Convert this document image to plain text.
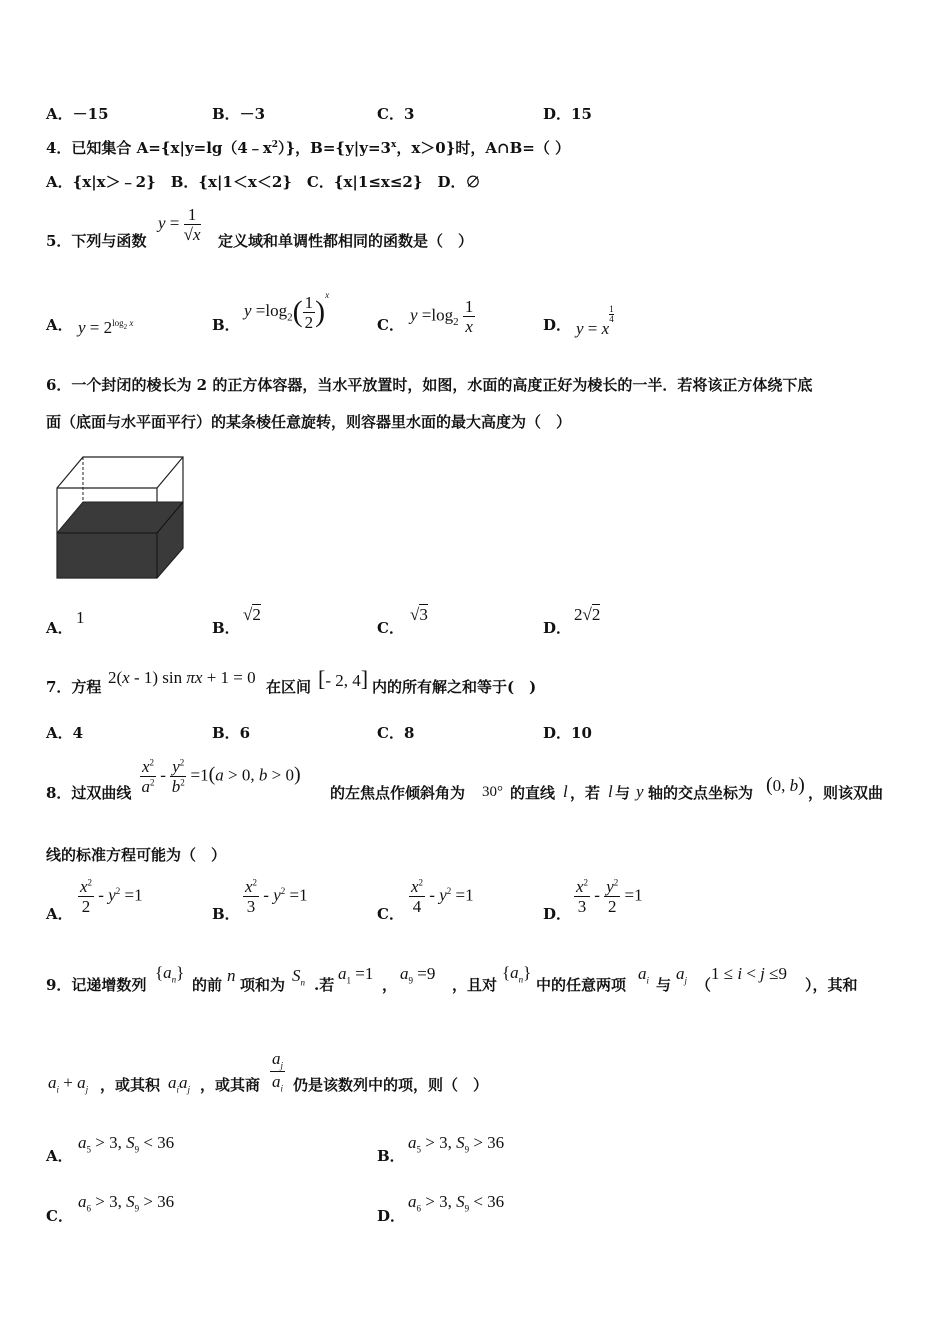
A．－15	B．－3	C．3	D．15
4．已知集合 $A=\{x|y=\lg(4﹣x^2)\}$，$B=\{y|y=3^x$，x＞0}时，A∩B=（ ）
A．{x|x＞﹣2}　B．{x|1＜x＜2}　C．{x|1≤x≤2}　D．∅
5．下列与函数
$y = \frac{1}{√x}$ 定义域和单调性都相同的函数是（　）
A． $y = 2^{log_2 x}$	B．
$y =\log_2( \frac{1}{2} )^x$
C．
$y =\log_2 \frac{1}{x}$	D． y = x
$^{\frac{1}{4}}$
6．一个封闭的棱长为 2 的正方体容器，当水平放置时，如图，水面的高度正好为棱长的一半．若将该正方体绕下底
面（底面与水平面平行）的某条棱任意旋转，则容器里水面的最大高度为（　）
A．
1
B．
√2
C．
√3
D．
2√2
7．方程 2(x - 1) sin πx + 1 = 0 在区间 [- 2, 4] 内的所有解之和等于(　)
A．4	B．6	C．8	D．10
8．过双曲线 $\frac{x^2}{a^2} - \frac{y^2}{b^2} =1(a > 0$, b > 0)
的左焦点作倾斜角为 30° 的直线 l ，若 l 与 y 轴的交点坐标为 (0, b) ，则该双曲
线的标准方程可能为（　）
A． $\frac{x^2}{2} - y^2 =1$
B． $\frac{x^2}{3} - y^2 =1$
C． $\frac{x^2}{4} - y^2 =1$
D． $\frac{x^2}{3} - \frac{y^2}{2} =1$
9．记递增数列
$\{a_n\}$
的前 n 项和为 $S_n$ .若
$a_1 =1$
，
$a_9 =9$
，且对
$\{a_n\}$
中的任意两项
$a_i$ 与
$a_j$ （
1 ≤ i < j ≤9
），其和
$a_i + a_j$ ，或其积 $a_ia_j$ ，或其商 $\frac{a_j}{a_i}$ 仍是该数列中的项，则（　）
A．
$a_5 > 3$, $S_9 < 36$
B．
$a_5 > 3$, $S_9 > 36$
C．
$a_6 > 3$, $S_9 > 36$
D．
$a_6 > 3$, $S_9 < 36$
